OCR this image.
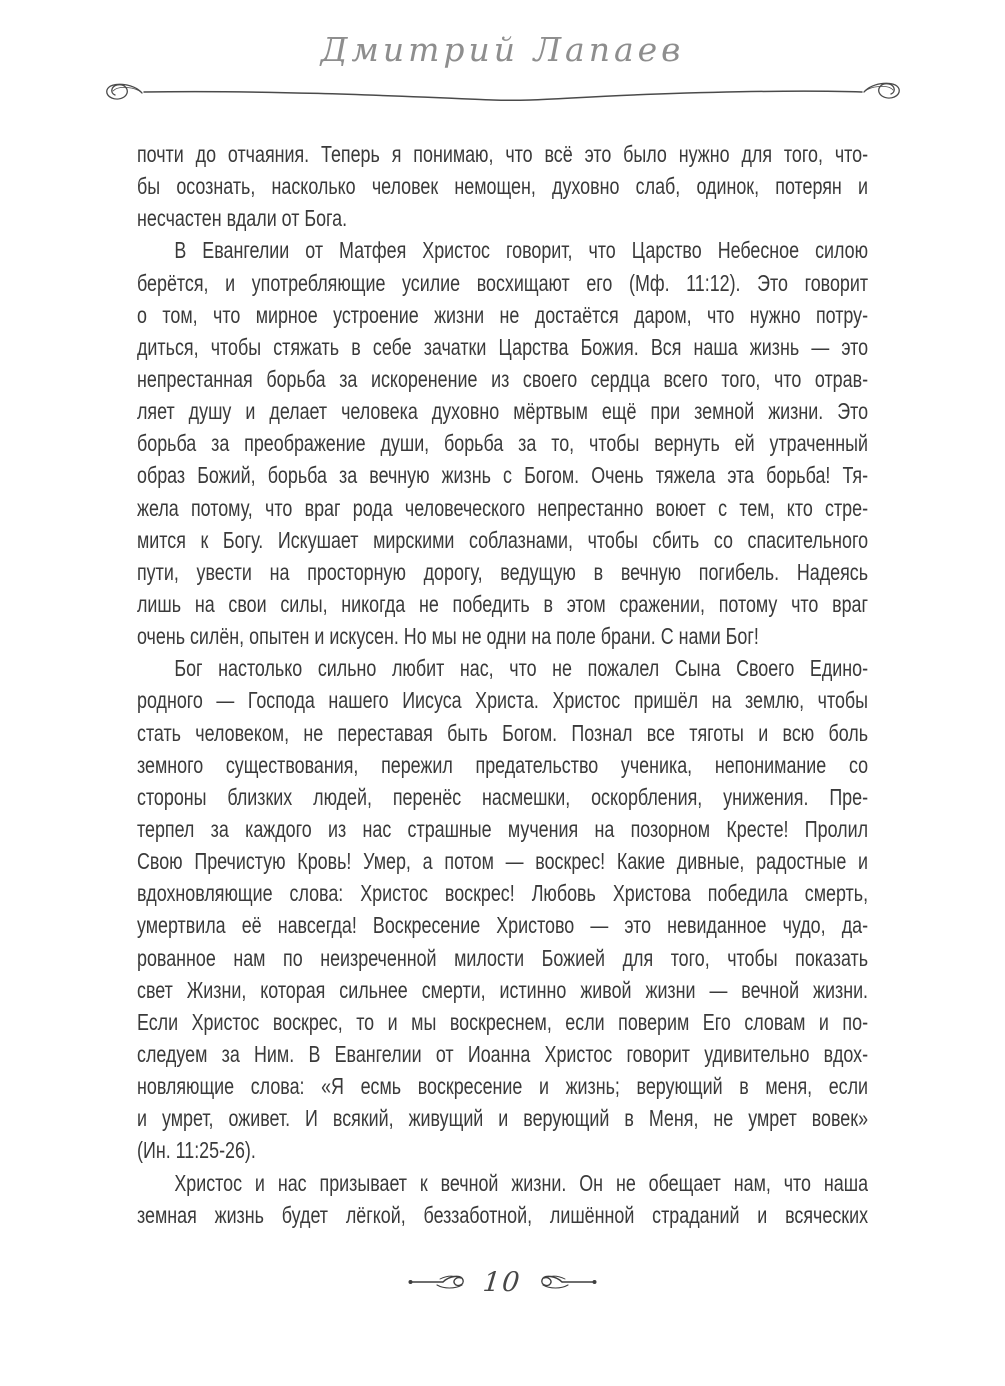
Дмитрий Лапаев
почти до отчаяния. Теперь я понимаю, что всё это было нужно для того, что-
бы осознать, насколько человек немощен, духовно слаб, одинок, потерян и
несчастен вдали от Бога.
В Евангелии от Матфея Христос говорит, что Царство Небесное силою
берётся, и употребляющие усилие восхищают его (Мф. 11:12). Это говорит
о том, что мирное устроение жизни не достаётся даром, что нужно потру-
диться, чтобы стяжать в себе зачатки Царства Божия. Вся наша жизнь — это
непрестанная борьба за искоренение из своего сердца всего того, что отрав-
ляет душу и делает человека духовно мёртвым ещё при земной жизни. Это
борьба за преображение души, борьба за то, чтобы вернуть ей утраченный
образ Божий, борьба за вечную жизнь с Богом. Очень тяжела эта борьба! Тя-
жела потому, что враг рода человеческого непрестанно воюет с тем, кто стре-
мится к Богу. Искушает мирскими соблазнами, чтобы сбить со спасительного
пути, увести на просторную дорогу, ведущую в вечную погибель. Надеясь
лишь на свои силы, никогда не победить в этом сражении, потому что враг
очень силён, опытен и искусен. Но мы не одни на поле брани. С нами Бог!
Бог настолько сильно любит нас, что не пожалел Сына Своего Едино-
родного — Господа нашего Иисуса Христа. Христос пришёл на землю, чтобы
стать человеком, не переставая быть Богом. Познал все тяготы и всю боль
земного существования, пережил предательство ученика, непонимание со
стороны близких людей, перенёс насмешки, оскорбления, унижения. Пре-
терпел за каждого из нас страшные мучения на позорном Кресте! Пролил
Свою Пречистую Кровь! Умер, а потом — воскрес! Какие дивные, радостные и
вдохновляющие слова: Христос воскрес! Любовь Христова победила смерть,
умертвила её навсегда! Воскресение Христово — это невиданное чудо, да-
рованное нам по неизреченной милости Божией для того, чтобы показать
свет Жизни, которая сильнее смерти, истинно живой жизни — вечной жизни.
Если Христос воскрес, то и мы воскреснем, если поверим Его словам и по-
следуем за Ним. В Евангелии от Иоанна Христос говорит удивительно вдох-
новляющие слова: «Я есмь воскресение и жизнь; верующий в меня, если
и умрет, оживет. И всякий, живущий и верующий в Меня, не умрет вовек»
(Ин. 11:25-26).
Христос и нас призывает к вечной жизни. Он не обещает нам, что наша
земная жизнь будет лёгкой, беззаботной, лишённой страданий и всяческих
10
